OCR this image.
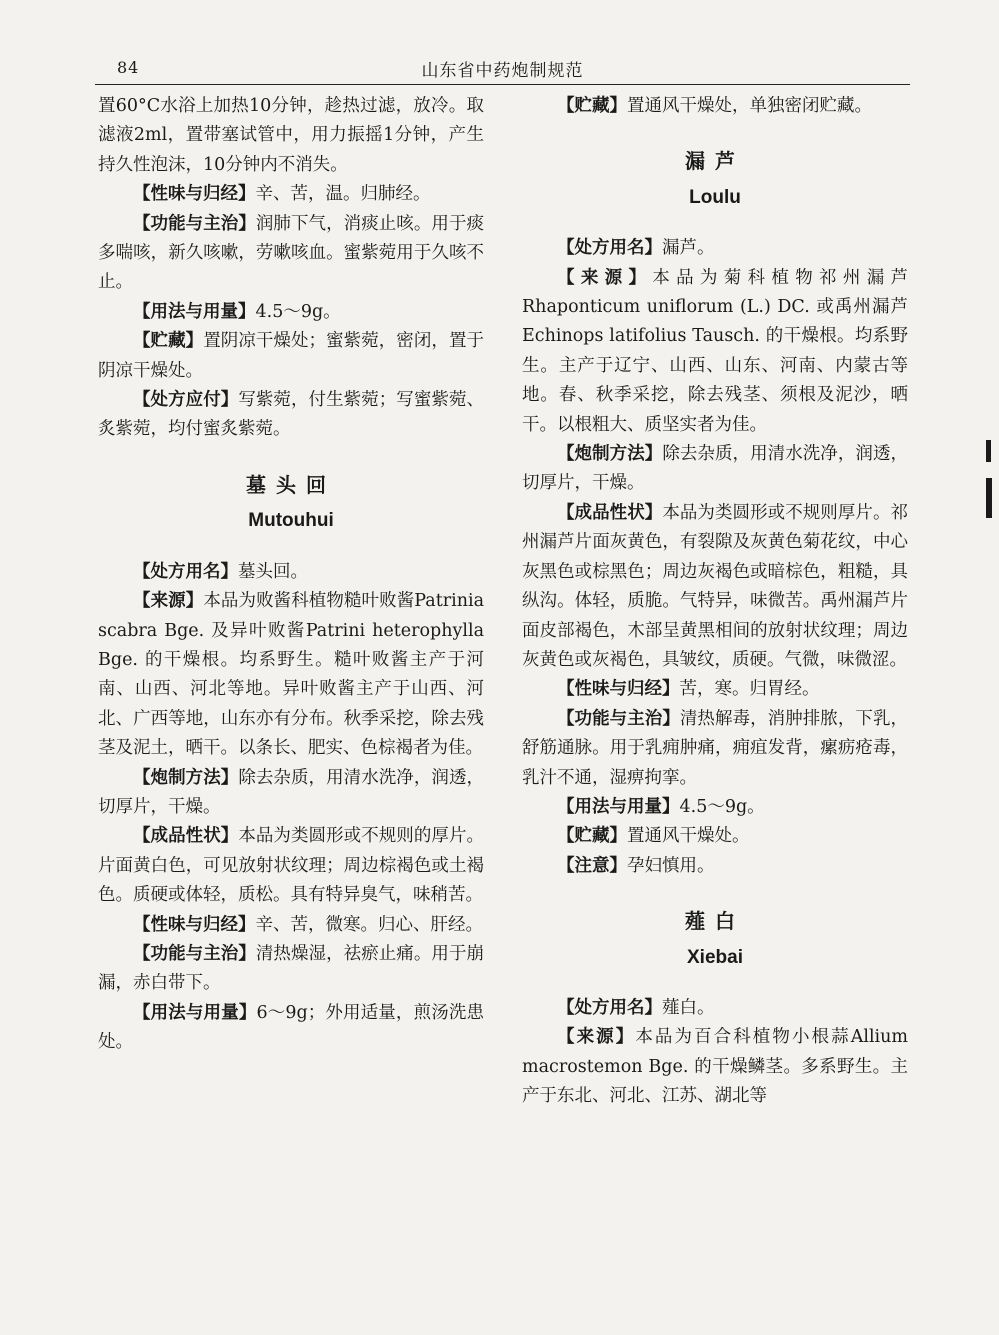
84	山东省中药炮制规范

置60°C水浴上加热10分钟，趁热过滤，放冷。取滤液2ml，置带塞试管中，用力振摇1分钟，产生持久性泡沫，10分钟内不消失。

【性味与归经】辛、苦，温。归肺经。

【功能与主治】润肺下气，消痰止咳。用于痰多喘咳，新久咳嗽，劳嗽咳血。蜜紫菀用于久咳不止。

【用法与用量】4.5～9g。

【贮藏】置阴凉干燥处；蜜紫菀，密闭，置于阴凉干燥处。

【处方应付】写紫菀，付生紫菀；写蜜紫菀、炙紫菀，均付蜜炙紫菀。

墓头回
Mutouhui

【处方用名】墓头回。

【来源】本品为败酱科植物糙叶败酱Patrinia scabra Bge. 及异叶败酱Patrini heterophylla Bge. 的干燥根。均系野生。糙叶败酱主产于河南、山西、河北等地。异叶败酱主产于山西、河北、广西等地，山东亦有分布。秋季采挖，除去残茎及泥土，晒干。以条长、肥实、色棕褐者为佳。

【炮制方法】除去杂质，用清水洗净，润透，切厚片，干燥。

【成品性状】本品为类圆形或不规则的厚片。片面黄白色，可见放射状纹理；周边棕褐色或土褐色。质硬或体轻，质松。具有特异臭气，味稍苦。

【性味与归经】辛、苦，微寒。归心、肝经。

【功能与主治】清热燥湿，祛瘀止痛。用于崩漏，赤白带下。

【用法与用量】6～9g；外用适量，煎汤洗患处。

【贮藏】置通风干燥处，单独密闭贮藏。

漏芦
Loulu

【处方用名】漏芦。

【来源】本品为菊科植物祁州漏芦Rhaponticum uniflorum (L.) DC. 或禹州漏芦Echinops latifolius Tausch. 的干燥根。均系野生。主产于辽宁、山西、山东、河南、内蒙古等地。春、秋季采挖，除去残茎、须根及泥沙，晒干。以根粗大、质坚实者为佳。

【炮制方法】除去杂质，用清水洗净，润透，切厚片，干燥。

【成品性状】本品为类圆形或不规则厚片。祁州漏芦片面灰黄色，有裂隙及灰黄色菊花纹，中心灰黑色或棕黑色；周边灰褐色或暗棕色，粗糙，具纵沟。体轻，质脆。气特异，味微苦。禹州漏芦片面皮部褐色，木部呈黄黑相间的放射状纹理；周边灰黄色或灰褐色，具皱纹，质硬。气微，味微涩。

【性味与归经】苦，寒。归胃经。

【功能与主治】清热解毒，消肿排脓，下乳，舒筋通脉。用于乳痈肿痛，痈疽发背，瘰疬疮毒，乳汁不通，湿痹拘挛。

【用法与用量】4.5～9g。

【贮藏】置通风干燥处。

【注意】孕妇慎用。

薤白
Xiebai

【处方用名】薤白。

【来源】本品为百合科植物小根蒜Allium macrostemon Bge. 的干燥鳞茎。多系野生。主产于东北、河北、江苏、湖北等
